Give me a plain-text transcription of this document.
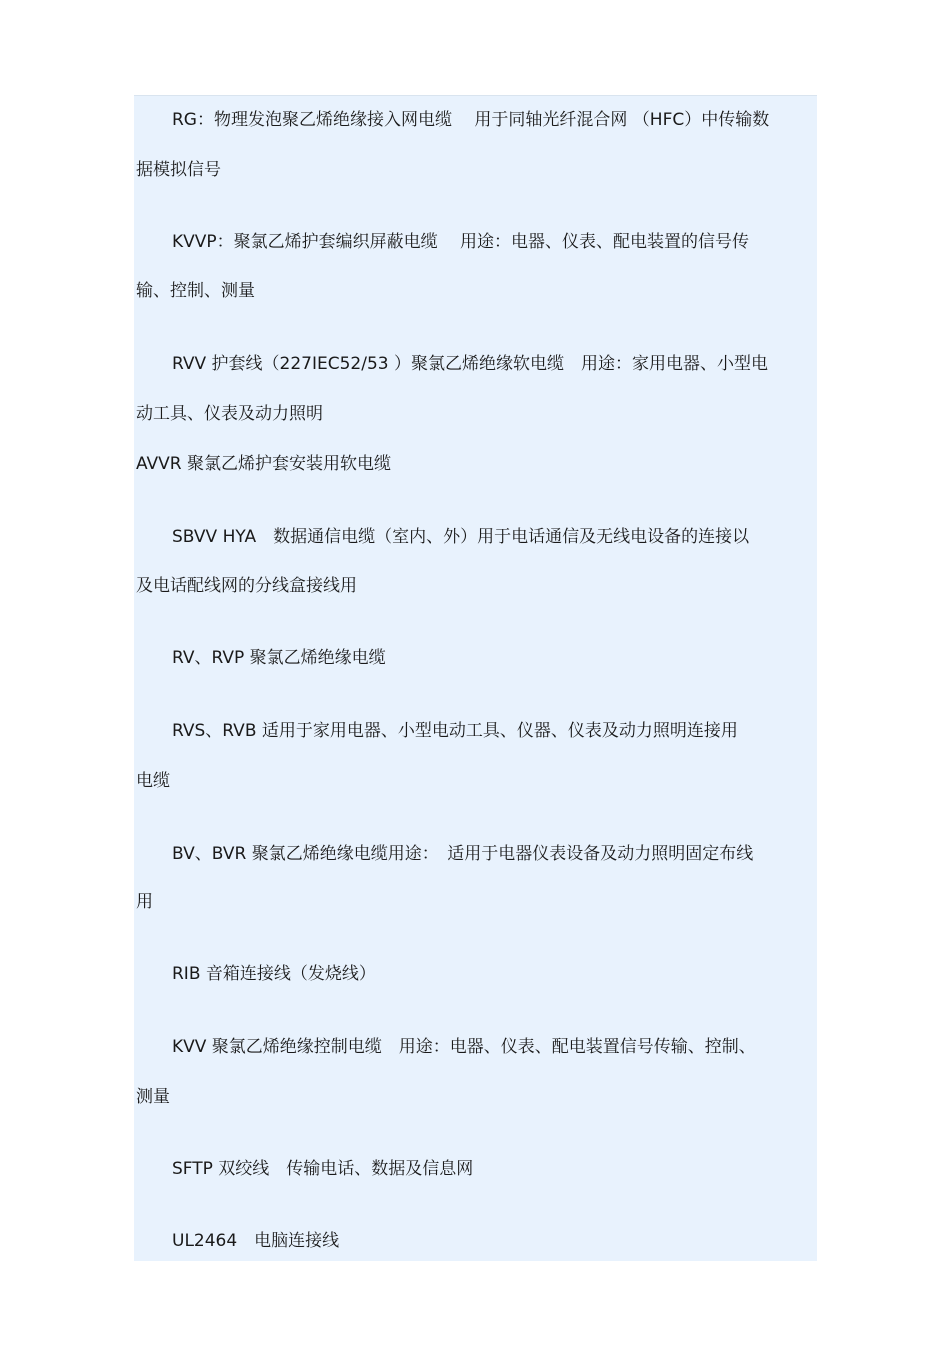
RG：物理发泡聚乙烯绝缘接入网电缆　 用于同轴光纤混合网 （HFC）中传输数
据模拟信号
KVVP：聚氯乙烯护套编织屏蔽电缆　 用途：电器、仪表、配电装置的信号传
输、控制、测量
RVV 护套线（227IEC52/53 ）聚氯乙烯绝缘软电缆　用途：家用电器、小型电
动工具、仪表及动力照明
AVVR 聚氯乙烯护套安装用软电缆
SBVV HYA　数据通信电缆（室内、外）用于电话通信及无线电设备的连接以
及电话配线网的分线盒接线用
RV、RVP 聚氯乙烯绝缘电缆
RVS、RVB 适用于家用电器、小型电动工具、仪器、仪表及动力照明连接用
电缆
BV、BVR 聚氯乙烯绝缘电缆用途：　适用于电器仪表设备及动力照明固定布线
用
RIB 音箱连接线（发烧线）
KVV 聚氯乙烯绝缘控制电缆　用途：电器、仪表、配电装置信号传输、控制、
测量
SFTP 双绞线　传输电话、数据及信息网
UL2464　电脑连接线
